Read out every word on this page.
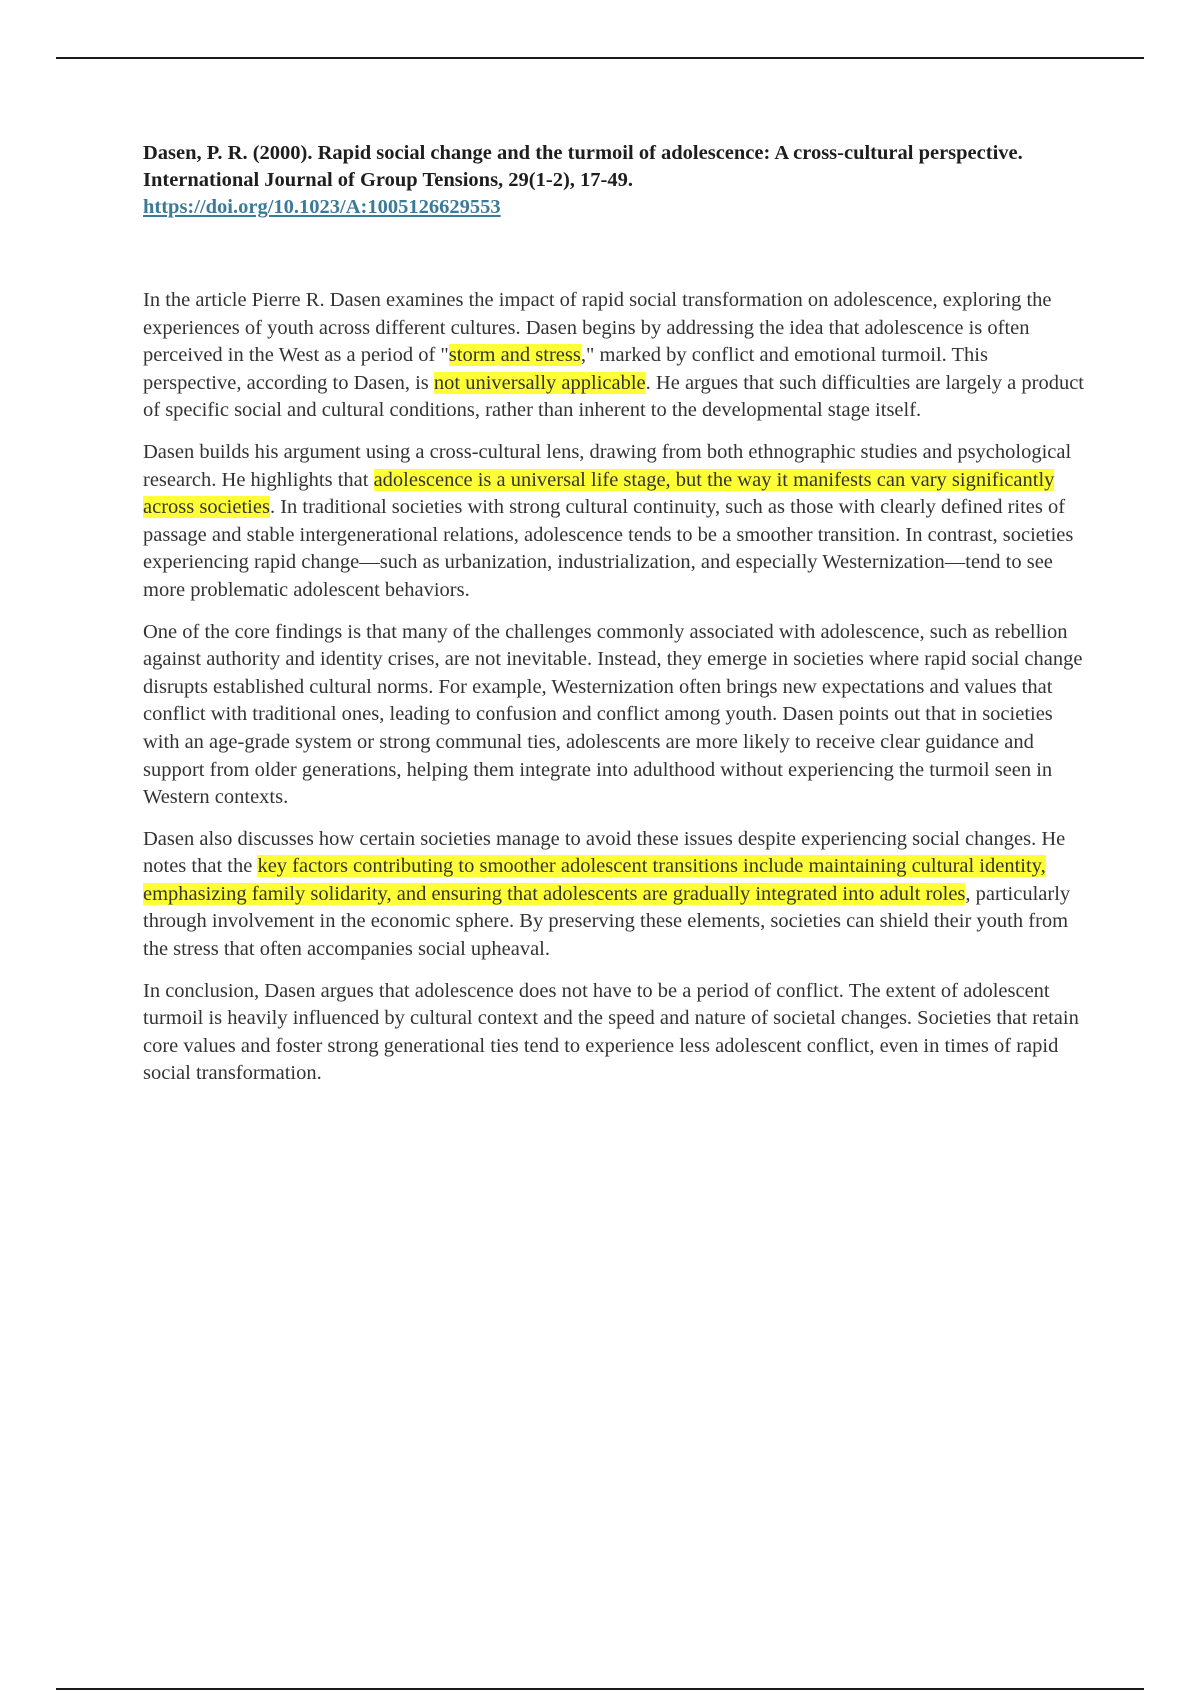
Dasen, P. R. (2000). Rapid social change and the turmoil of adolescence: A cross-cultural perspective. International Journal of Group Tensions, 29(1-2), 17-49.
https://doi.org/10.1023/A:1005126629553

In the article Pierre R. Dasen examines the impact of rapid social transformation on adolescence, exploring the experiences of youth across different cultures. Dasen begins by addressing the idea that adolescence is often perceived in the West as a period of "storm and stress," marked by conflict and emotional turmoil. This perspective, according to Dasen, is not universally applicable. He argues that such difficulties are largely a product of specific social and cultural conditions, rather than inherent to the developmental stage itself.

Dasen builds his argument using a cross-cultural lens, drawing from both ethnographic studies and psychological research. He highlights that adolescence is a universal life stage, but the way it manifests can vary significantly across societies. In traditional societies with strong cultural continuity, such as those with clearly defined rites of passage and stable intergenerational relations, adolescence tends to be a smoother transition. In contrast, societies experiencing rapid change—such as urbanization, industrialization, and especially Westernization—tend to see more problematic adolescent behaviors.

One of the core findings is that many of the challenges commonly associated with adolescence, such as rebellion against authority and identity crises, are not inevitable. Instead, they emerge in societies where rapid social change disrupts established cultural norms. For example, Westernization often brings new expectations and values that conflict with traditional ones, leading to confusion and conflict among youth. Dasen points out that in societies with an age-grade system or strong communal ties, adolescents are more likely to receive clear guidance and support from older generations, helping them integrate into adulthood without experiencing the turmoil seen in Western contexts.

Dasen also discusses how certain societies manage to avoid these issues despite experiencing social changes. He notes that the key factors contributing to smoother adolescent transitions include maintaining cultural identity, emphasizing family solidarity, and ensuring that adolescents are gradually integrated into adult roles, particularly through involvement in the economic sphere. By preserving these elements, societies can shield their youth from the stress that often accompanies social upheaval.

In conclusion, Dasen argues that adolescence does not have to be a period of conflict. The extent of adolescent turmoil is heavily influenced by cultural context and the speed and nature of societal changes. Societies that retain core values and foster strong generational ties tend to experience less adolescent conflict, even in times of rapid social transformation.
